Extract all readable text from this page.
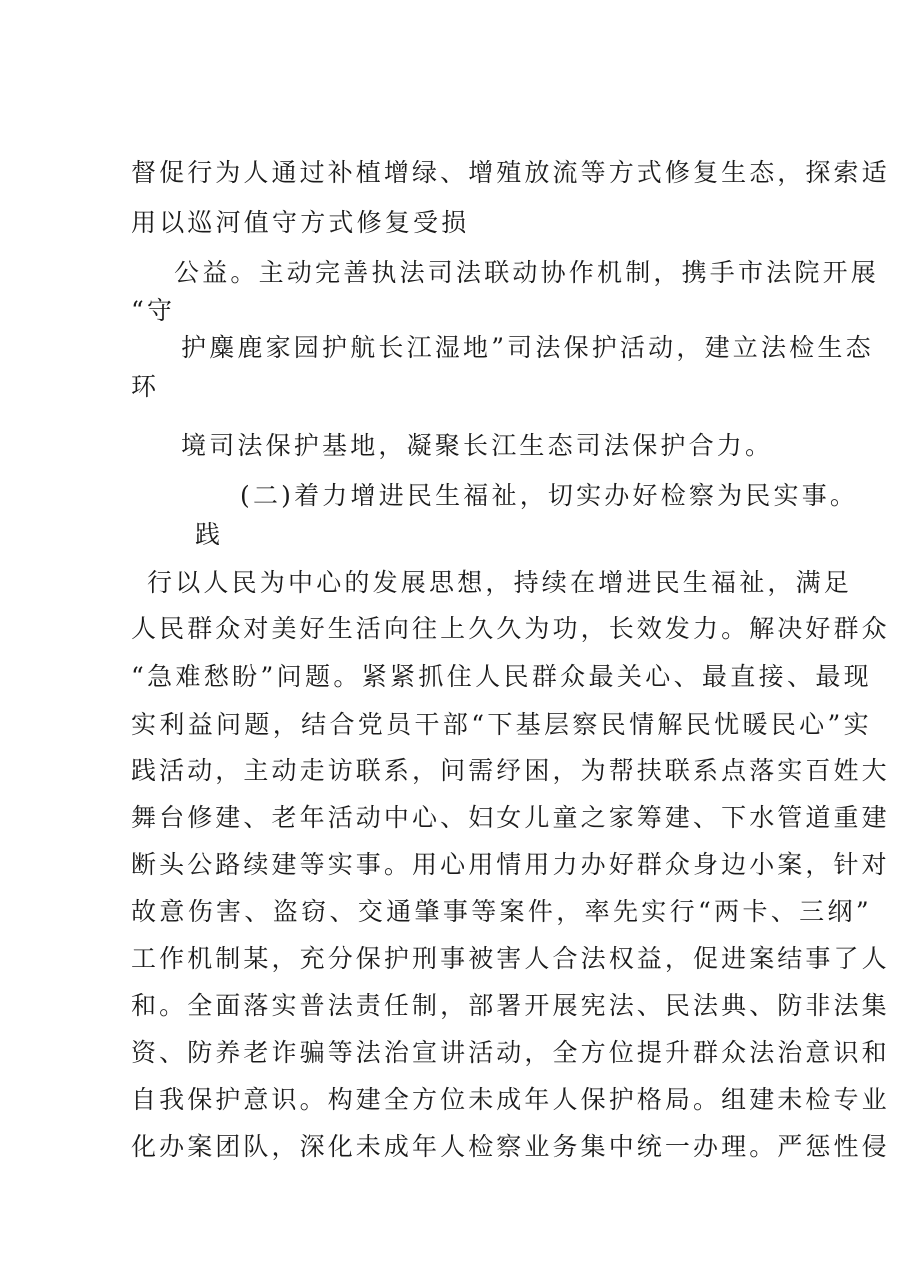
督促行为人通过补植增绿、增殖放流等方式修复生态，探索适
用以巡河值守方式修复受损
公益。主动完善执法司法联动协作机制，携手市法院开展
“守
护麋鹿家园护航长江湿地”司法保护活动，建立法检生态
环
境司法保护基地，凝聚长江生态司法保护合力。
(二)着力增进民生福祉，切实办好检察为民实事。
践
行以人民为中心的发展思想，持续在增进民生福祉，满足
人民群众对美好生活向往上久久为功，长效发力。解决好群众
“急难愁盼”问题。紧紧抓住人民群众最关心、最直接、最现
实利益问题，结合党员干部“下基层察民情解民忧暖民心”实
践活动，主动走访联系，问需纾困，为帮扶联系点落实百姓大
舞台修建、老年活动中心、妇女儿童之家筹建、下水管道重建
断头公路续建等实事。用心用情用力办好群众身边小案，针对
故意伤害、盗窃、交通肇事等案件，率先实行“两卡、三纲”
工作机制某，充分保护刑事被害人合法权益，促进案结事了人
和。全面落实普法责任制，部署开展宪法、民法典、防非法集
资、防养老诈骗等法治宣讲活动，全方位提升群众法治意识和
自我保护意识。构建全方位未成年人保护格局。组建未检专业
化办案团队，深化未成年人检察业务集中统一办理。严惩性侵
